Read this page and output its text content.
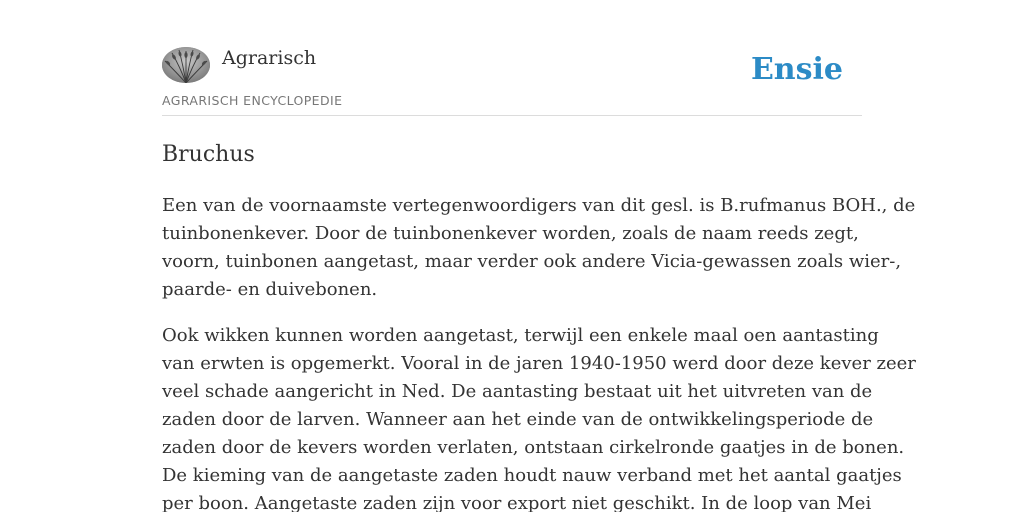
Agrarisch
AGRARISCH ENCYCLOPEDIE
Ensie
Bruchus

Een van de voornaamste vertegenwoordigers van dit gesl. is B.rufmanus BOH., de
tuinbonenkever. Door de tuinbonenkever worden, zoals de naam reeds zegt,
voorn, tuinbonen aangetast, maar verder ook andere Vicia-gewassen zoals wier-,
paarde- en duivebonen.

Ook wikken kunnen worden aangetast, terwijl een enkele maal oen aantasting
van erwten is opgemerkt. Vooral in de jaren 1940-1950 werd door deze kever zeer
veel schade aangericht in Ned. De aantasting bestaat uit het uitvreten van de
zaden door de larven. Wanneer aan het einde van de ontwikkelingsperiode de
zaden door de kevers worden verlaten, ontstaan cirkelronde gaatjes in de bonen.
De kieming van de aangetaste zaden houdt nauw verband met het aantal gaatjes
per boon. Aangetaste zaden zijn voor export niet geschikt. In de loop van Mei
